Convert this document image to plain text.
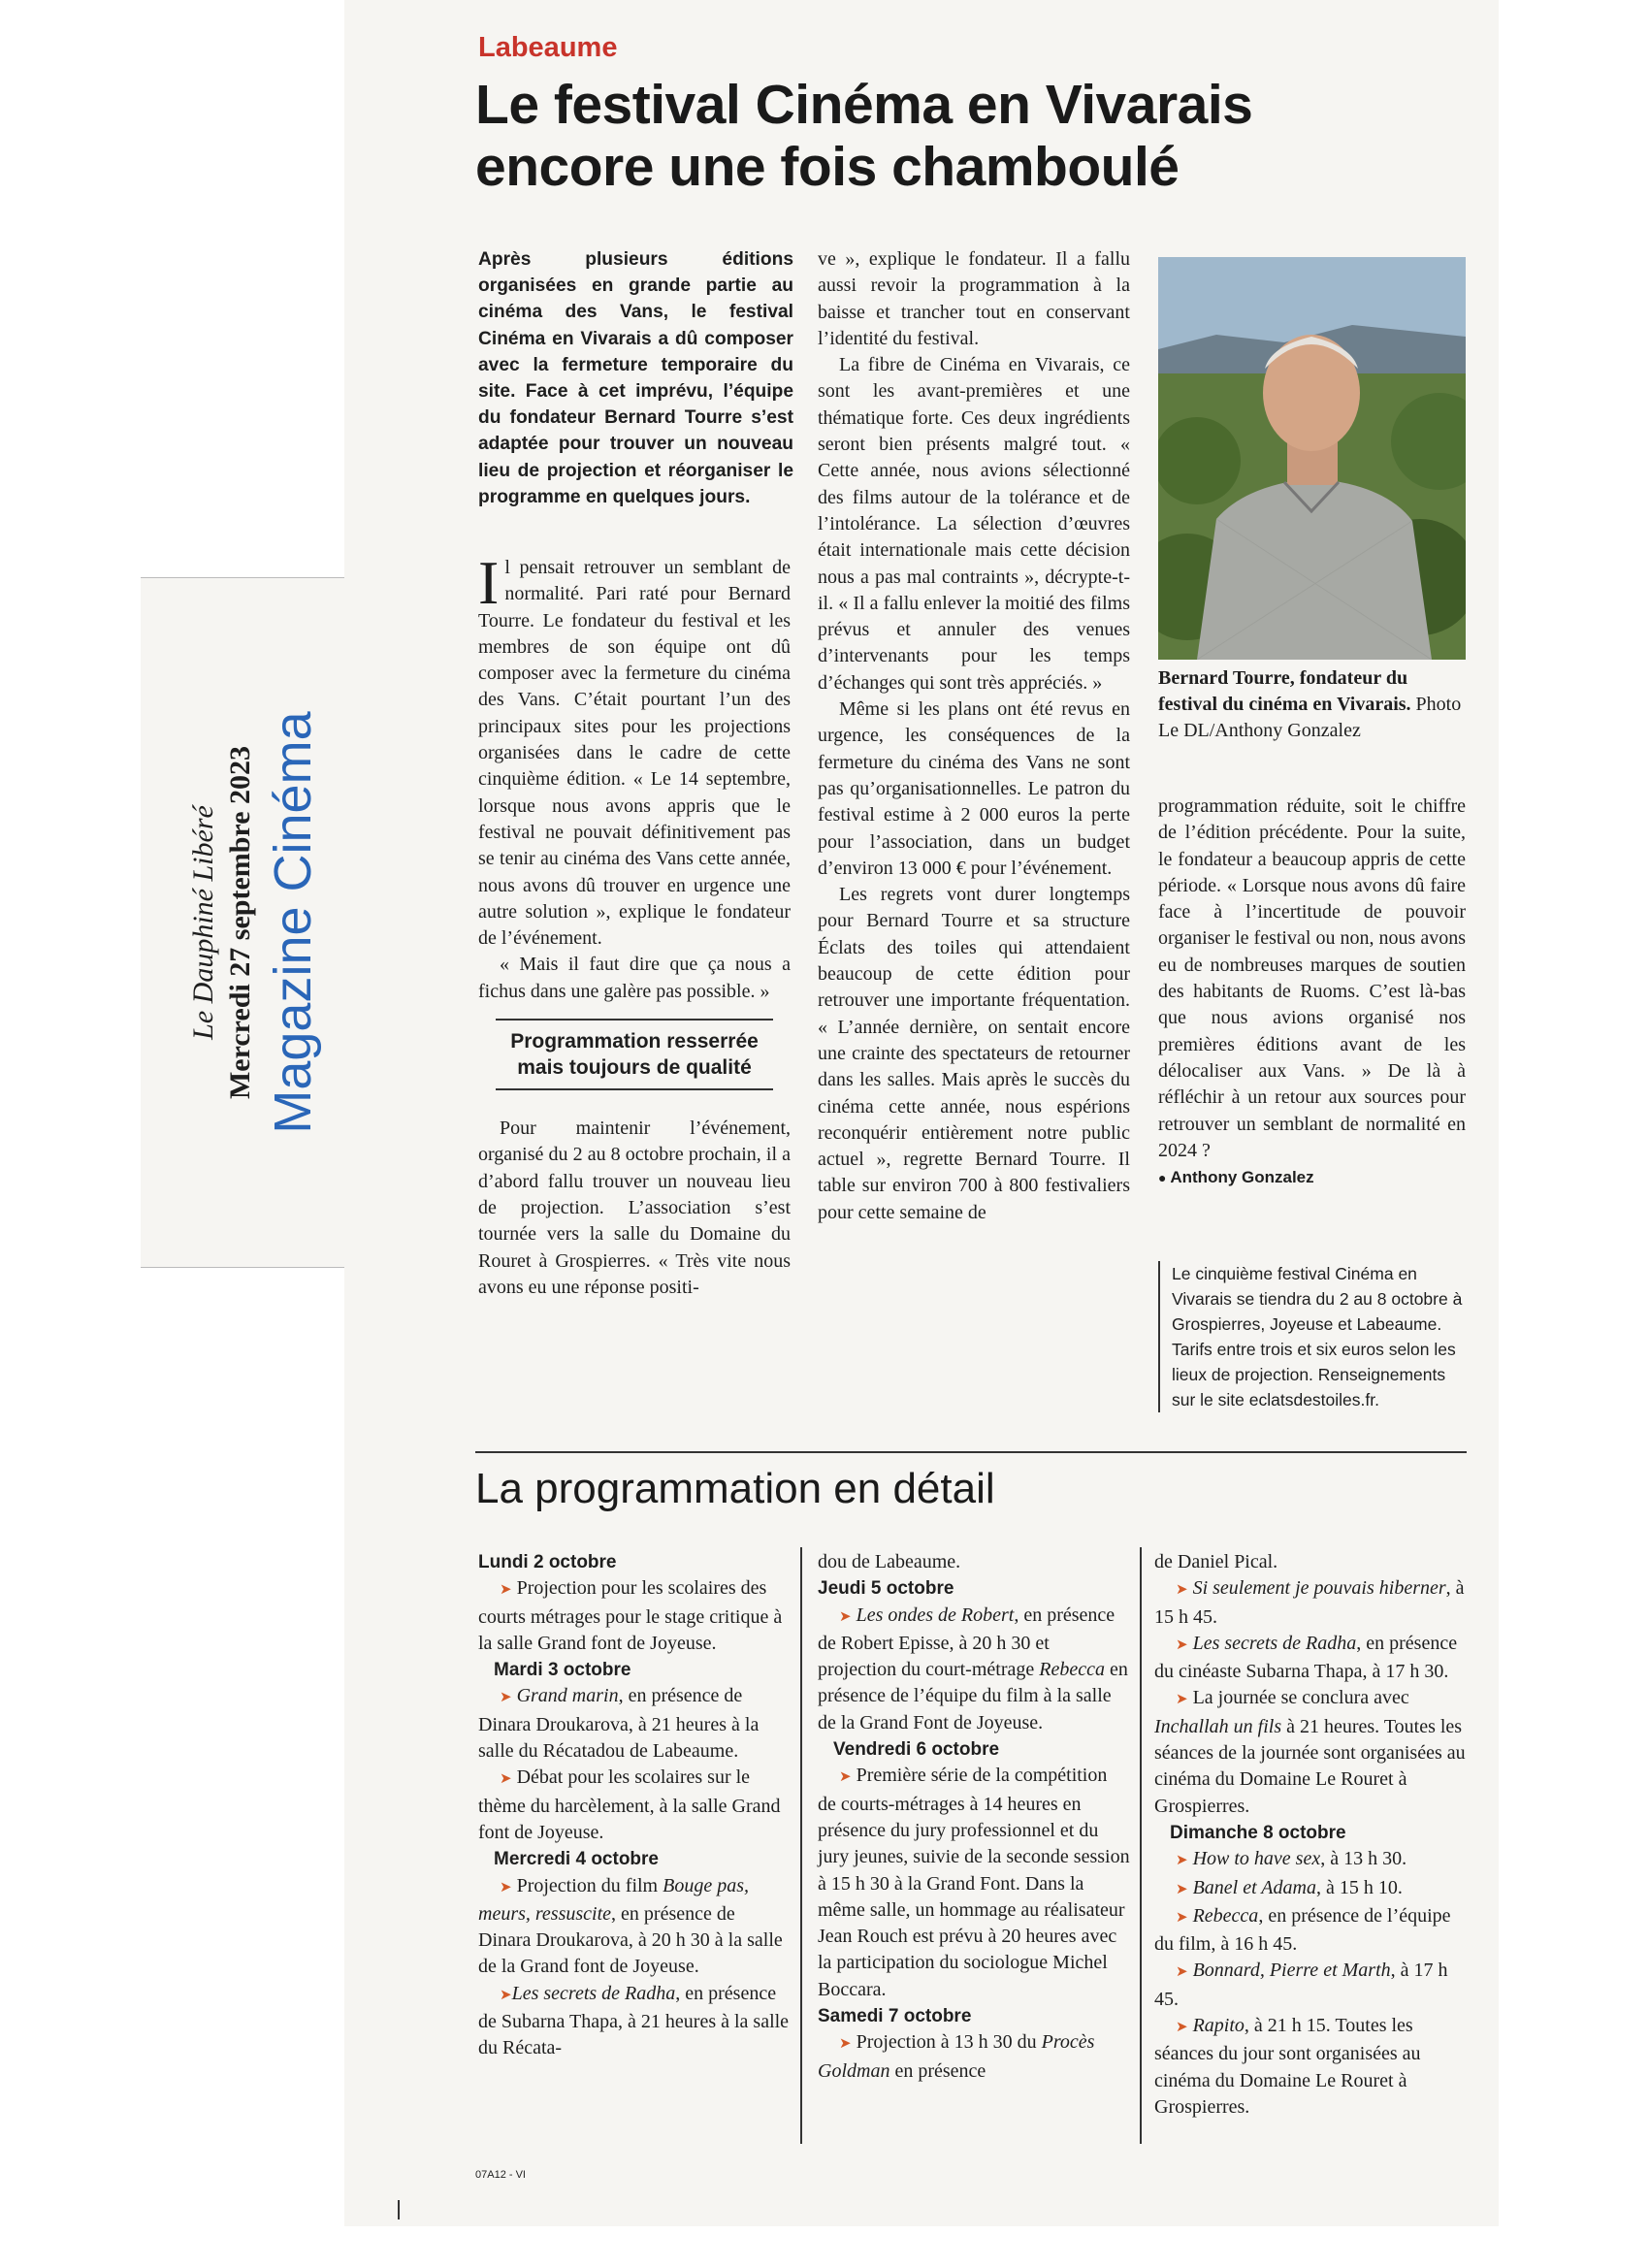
Le Dauphiné Libéré Mercredi 27 septembre 2023 Magazine Cinéma
Labeaume
Le festival Cinéma en Vivarais
encore une fois chamboulé
Après plusieurs éditions organisées en grande partie au cinéma des Vans, le festival Cinéma en Vivarais a dû composer avec la fermeture temporaire du site. Face à cet imprévu, l’équipe du fondateur Bernard Tourre s’est adaptée pour trouver un nouveau lieu de projection et réorganiser le programme en quelques jours.

Il pensait retrouver un semblant de normalité. Pari raté pour Bernard Tourre. Le fondateur du festival et les membres de son équipe ont dû composer avec la fermeture du cinéma des Vans. C’était pourtant l’un des principaux sites pour les projections organisées dans le cadre de cette cinquième édition. « Le 14 septembre, lorsque nous avons appris que le festival ne pouvait définitivement pas se tenir au cinéma des Vans cette année, nous avons dû trouver en urgence une autre solution », explique le fondateur de l’événement.

« Mais il faut dire que ça nous a fichus dans une galère pas possible. »

Programmation resserrée mais toujours de qualité

Pour maintenir l’événement, organisé du 2 au 8 octobre prochain, il a d’abord fallu trouver un nouveau lieu de projection. L’association s’est tournée vers la salle du Domaine du Rouret à Grospierres. « Très vite nous avons eu une réponse positi-

ve », explique le fondateur. Il a fallu aussi revoir la programmation à la baisse et trancher tout en conservant l’identité du festival.

La fibre de Cinéma en Vivarais, ce sont les avant-premières et une thématique forte. Ces deux ingrédients seront bien présents malgré tout. « Cette année, nous avions sélectionné des films autour de la tolérance et de l’intolérance. La sélection d’œuvres était internationale mais cette décision nous a pas mal contraints », décrypte-t-il. « Il a fallu enlever la moitié des films prévus et annuler des venues d’intervenants pour les temps d’échanges qui sont très appréciés. »

Même si les plans ont été revus en urgence, les conséquences de la fermeture du cinéma des Vans ne sont pas qu’organisationnelles. Le patron du festival estime à 2 000 euros la perte pour l’association, dans un budget d’environ 13 000 € pour l’événement.

Les regrets vont durer longtemps pour Bernard Tourre et sa structure Éclats des toiles qui attendaient beaucoup de cette édition pour retrouver une importante fréquentation. « L’année dernière, on sentait encore une crainte des spectateurs de retourner dans les salles. Mais après le succès du cinéma cette année, nous espérions reconquérir entièrement notre public actuel », regrette Bernard Tourre. Il table sur environ 700 à 800 festivaliers pour cette semaine de

Bernard Tourre, fondateur du festival du cinéma en Vivarais. Photo Le DL/Anthony Gonzalez

programmation réduite, soit le chiffre de l’édition précédente. Pour la suite, le fondateur a beaucoup appris de cette période. « Lorsque nous avons dû faire face à l’incertitude de pouvoir organiser le festival ou non, nous avons eu de nombreuses marques de soutien des habitants de Ruoms. C’est là-bas que nous avions organisé nos premières éditions avant de les délocaliser aux Vans. » De là à réfléchir à un retour aux sources pour retrouver un semblant de normalité en 2024 ?

● Anthony Gonzalez

Le cinquième festival Cinéma en Vivarais se tiendra du 2 au 8 octobre à Grospierres, Joyeuse et Labeaume. Tarifs entre trois et six euros selon les lieux de projection. Renseignements sur le site eclatsdestoiles.fr.
La programmation en détail
Lundi 2 octobre
➤ Projection pour les scolaires des courts métrages pour le stage critique à la salle Grand font de Joyeuse.
Mardi 3 octobre
➤ Grand marin, en présence de Dinara Droukarova, à 21 heures à la salle du Récatadou de Labeaume.
➤ Débat pour les scolaires sur le thème du harcèlement, à la salle Grand font de Joyeuse.
Mercredi 4 octobre
➤ Projection du film Bouge pas, meurs, ressuscite, en présence de Dinara Droukarova, à 20 h 30 à la salle de la Grand font de Joyeuse.
➤Les secrets de Radha, en présence de Subarna Thapa, à 21 heures à la salle du Récata-
dou de Labeaume.
Jeudi 5 octobre
➤ Les ondes de Robert, en présence de Robert Episse, à 20 h 30 et projection du court-métrage Rebecca en présence de l’équipe du film à la salle de la Grand Font de Joyeuse.
Vendredi 6 octobre
➤ Première série de la compétition de courts-métrages à 14 heures en présence du jury professionnel et du jury jeunes, suivie de la seconde session à 15 h 30 à la Grand Font. Dans la même salle, un hommage au réalisateur Jean Rouch est prévu à 20 heures avec la participation du sociologue Michel Boccara.
Samedi 7 octobre
➤ Projection à 13 h 30 du Procès Goldman en présence
de Daniel Pical.
➤ Si seulement je pouvais hiberner, à 15 h 45.
➤ Les secrets de Radha, en présence du cinéaste Subarna Thapa, à 17 h 30.
➤ La journée se conclura avec Inchallah un fils à 21 heures. Toutes les séances de la journée sont organisées au cinéma du Domaine Le Rouret à Grospierres.
Dimanche 8 octobre
➤ How to have sex, à 13 h 30.
➤ Banel et Adama, à 15 h 10.
➤ Rebecca, en présence de l’équipe du film, à 16 h 45.
➤ Bonnard, Pierre et Marth, à 17 h 45.
➤ Rapito, à 21 h 15. Toutes les séances du jour sont organisées au cinéma du Domaine Le Rouret à Grospierres.
07A12 - VI
